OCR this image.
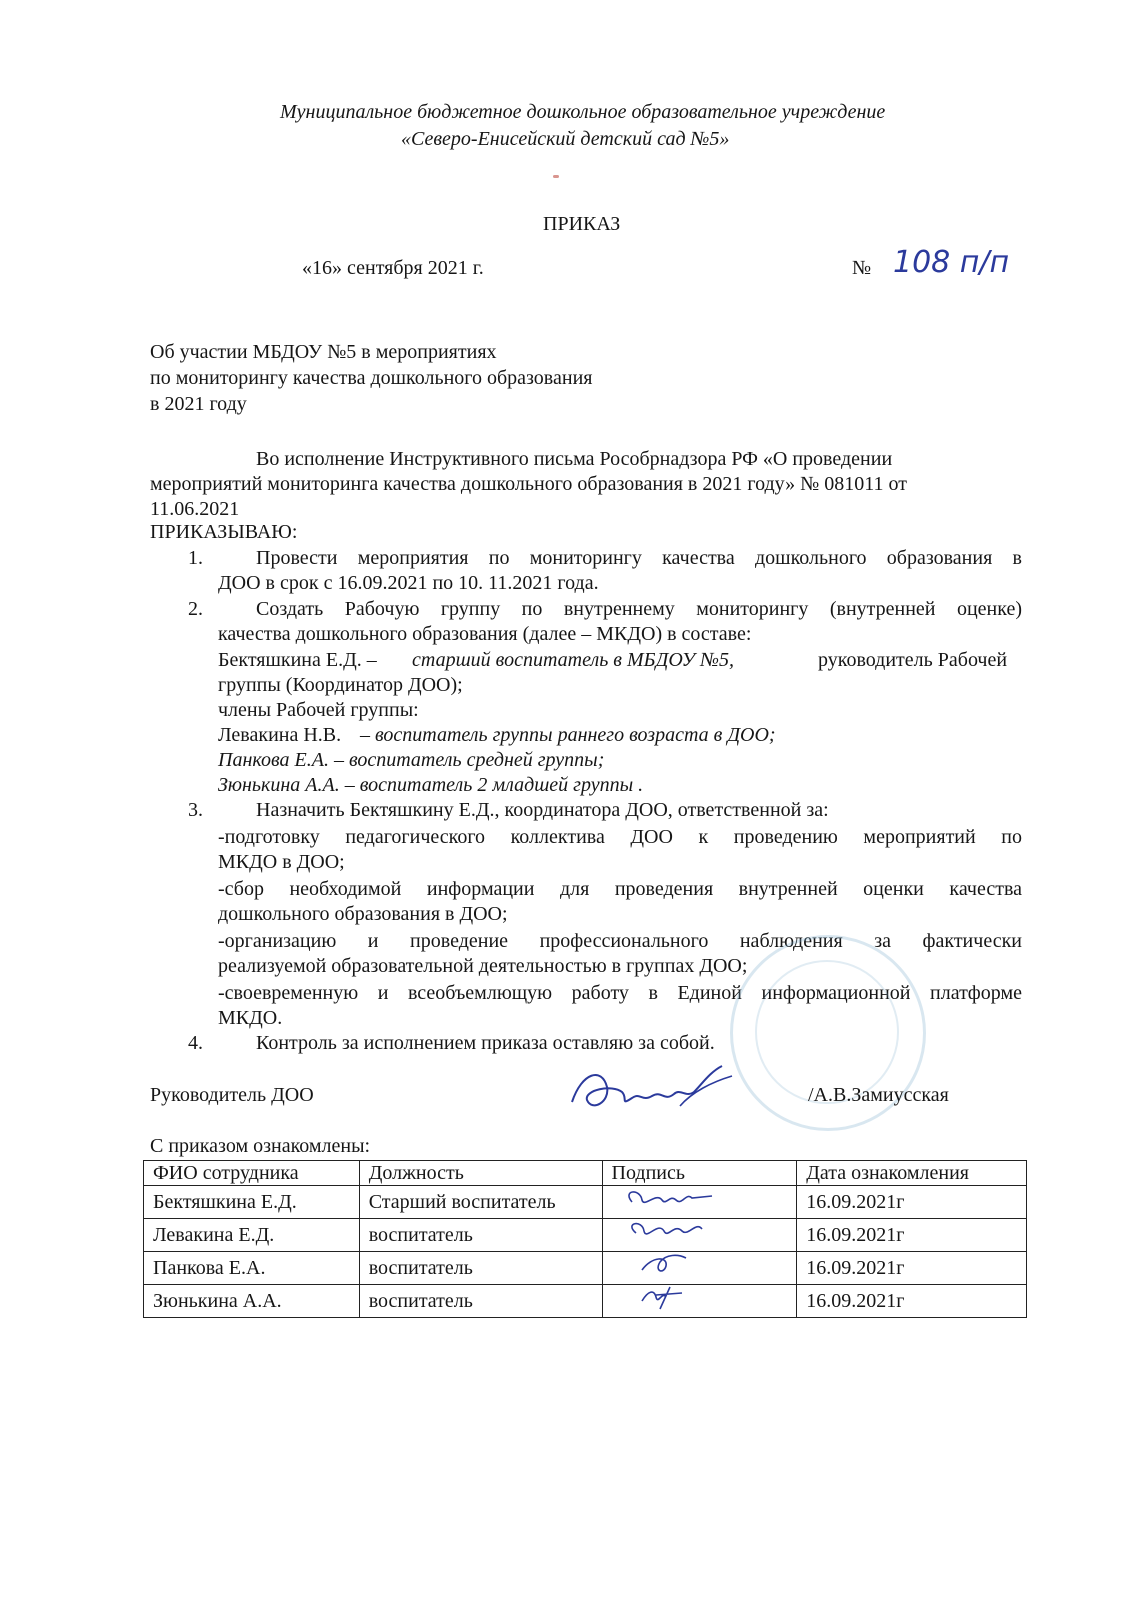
Муниципальное бюджетное дошкольное образовательное учреждение
«Северо-Енисейский детский сад №5»
ПРИКАЗ
«16» сентября 2021 г.	№ 108 п/п
Об участии МБДОУ №5 в мероприятиях
по мониторингу качества дошкольного образования
в 2021 году
Во исполнение Инструктивного письма Рособрнадзора РФ «О проведении
мероприятий мониторинга качества дошкольного образования в 2021 году» № 081011 от
11.06.2021
ПРИКАЗЫВАЮ:
1.	Провести мероприятия по мониторингу качества дошкольного образования в
ДОО в срок с 16.09.2021 по 10. 11.2021 года.
2.	Создать Рабочую группу по внутреннему мониторингу (внутренней оценке)
качества дошкольного образования (далее – МКДО) в составе:
Бектяшкина Е.Д. – старший воспитатель в МБДОУ №5,	руководитель Рабочей
группы (Координатор ДОО);
члены Рабочей группы:
Левакина Н.В. – воспитатель группы раннего возраста в ДОО;
Панкова Е.А. – воспитатель средней группы;
Зюнькина А.А. – воспитатель 2 младшей группы .
3.	Назначить Бектяшкину Е.Д., координатора ДОО, ответственной за:
-подготовку педагогического коллектива ДОО к проведению мероприятий по
МКДО в ДОО;
-сбор необходимой информации для проведения внутренней оценки качества
дошкольного образования в ДОО;
-организацию и проведение профессионального наблюдения за фактически
реализуемой образовательной деятельностью в группах ДОО;
-своевременную и всеобъемлющую работу в Единой информационной платформе
МКДО.
4.	Контроль за исполнением приказа оставляю за собой.
Руководитель ДОО	/А.В.Замиусская
С приказом ознакомлены:
ФИО сотрудника	Должность	Подпись	Дата ознакомления
Бектяшкина Е.Д.	Старший воспитатель		16.09.2021г
Левакина Е.Д.	воспитатель		16.09.2021г
Панкова Е.А.	воспитатель		16.09.2021г
Зюнькина А.А.	воспитатель		16.09.2021г
